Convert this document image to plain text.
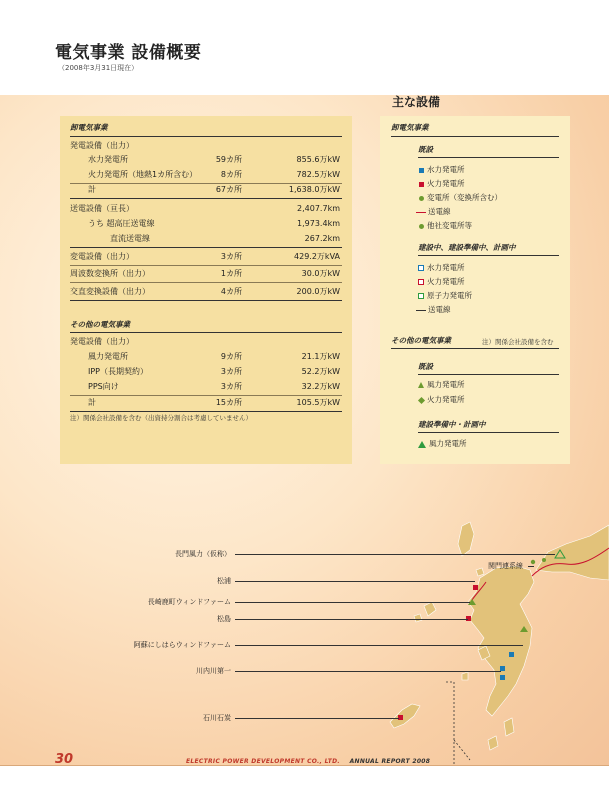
電気事業 設備概要
（2008年3月31日現在）
主な設備
卸電気事業
発電設備（出力）
水力発電所	59カ所	855.6万kW
火力発電所（地熱1カ所含む）	8カ所	782.5万kW
計	67カ所	1,638.0万kW
送電設備（亘長）	2,407.7km
うち 超高圧送電線	1,973.4km
直流送電線	267.2km
変電設備（出力）	3カ所	429.2万kVA
周波数変換所（出力）	1カ所	30.0万kW
交直変換設備（出力）	4カ所	200.0万kW
その他の電気事業
発電設備（出力）
風力発電所	9カ所	21.1万kW
IPP（長期契約）	3カ所	52.2万kW
PPS向け	3カ所	32.2万kW
計	15カ所	105.5万kW
注）関係会社設備を含む（出資持分割合は考慮していません）
卸電気事業
既設
水力発電所
火力発電所
変電所（変換所含む）
送電線
他社変電所等
建設中、建設準備中、計画中
水力発電所
火力発電所
原子力発電所
送電線
その他の電気事業	注）関係会社設備を含む
既設
風力発電所
火力発電所
建設準備中・計画中
風力発電所
長門風力（仮称）
関門連系線
松浦
長崎鹿町ウィンドファーム
松島
阿蘇にしはらウィンドファーム
川内川第一
石川石炭
30	ELECTRIC POWER DEVELOPMENT CO., LTD. ANNUAL REPORT 2008
